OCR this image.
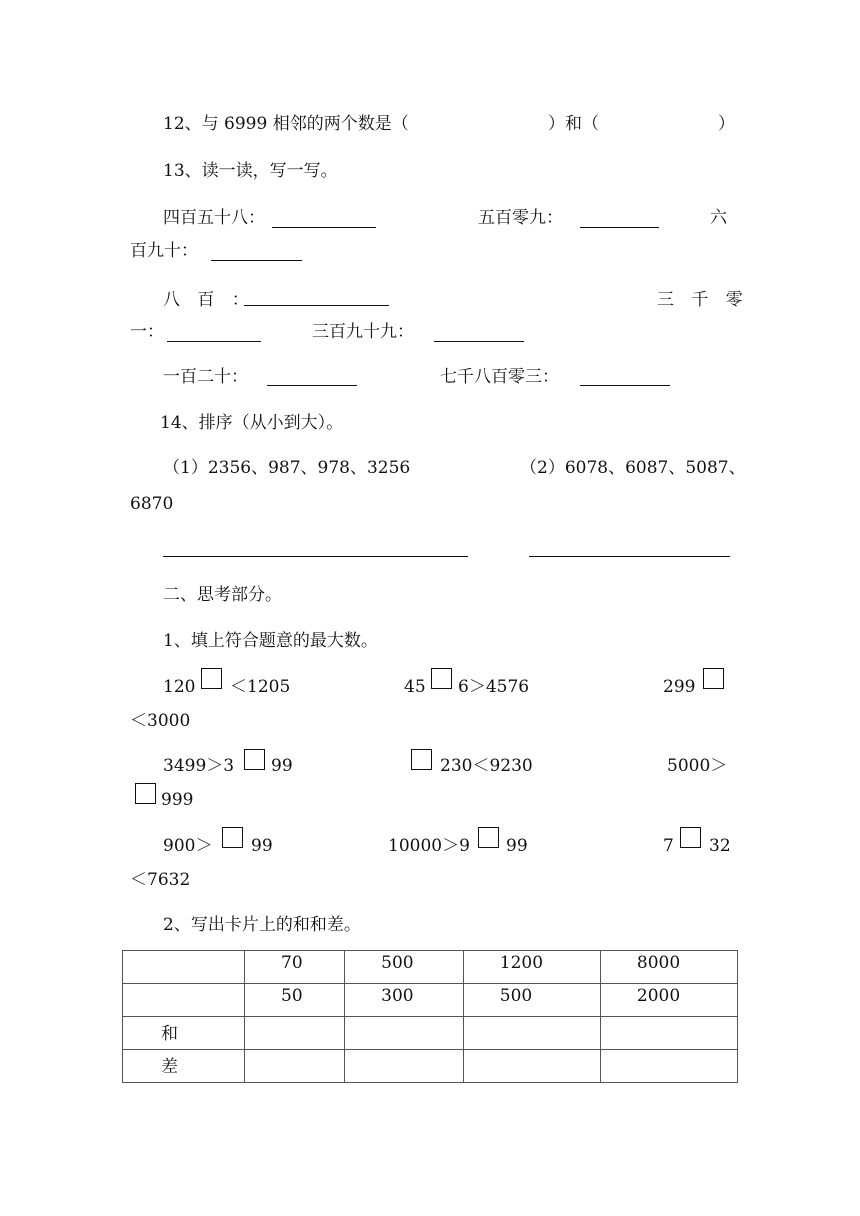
12、与 6999 相邻的两个数是（	）和（	）
13、读一读，写一写。
四百五十八：	五百零九：	六
百九十：
八 百 ：	三 千 零
一：	三百九十九：
一百二十：	七千八百零三：
14、排序（从小到大）。
（1）2356、987、978、3256	（2）6078、6087、5087、
6870
二、思考部分。
1、填上符合题意的最大数。
120 ＜1205	45 6＞4576	299
＜3000
3499＞3 99	230＜9230	5000＞
999
900＞ 99	10000＞9 99	7 32
＜7632
2、写出卡片上的和和差。
	70	500	1200	8000
	50	300	500	2000
和				
差				
